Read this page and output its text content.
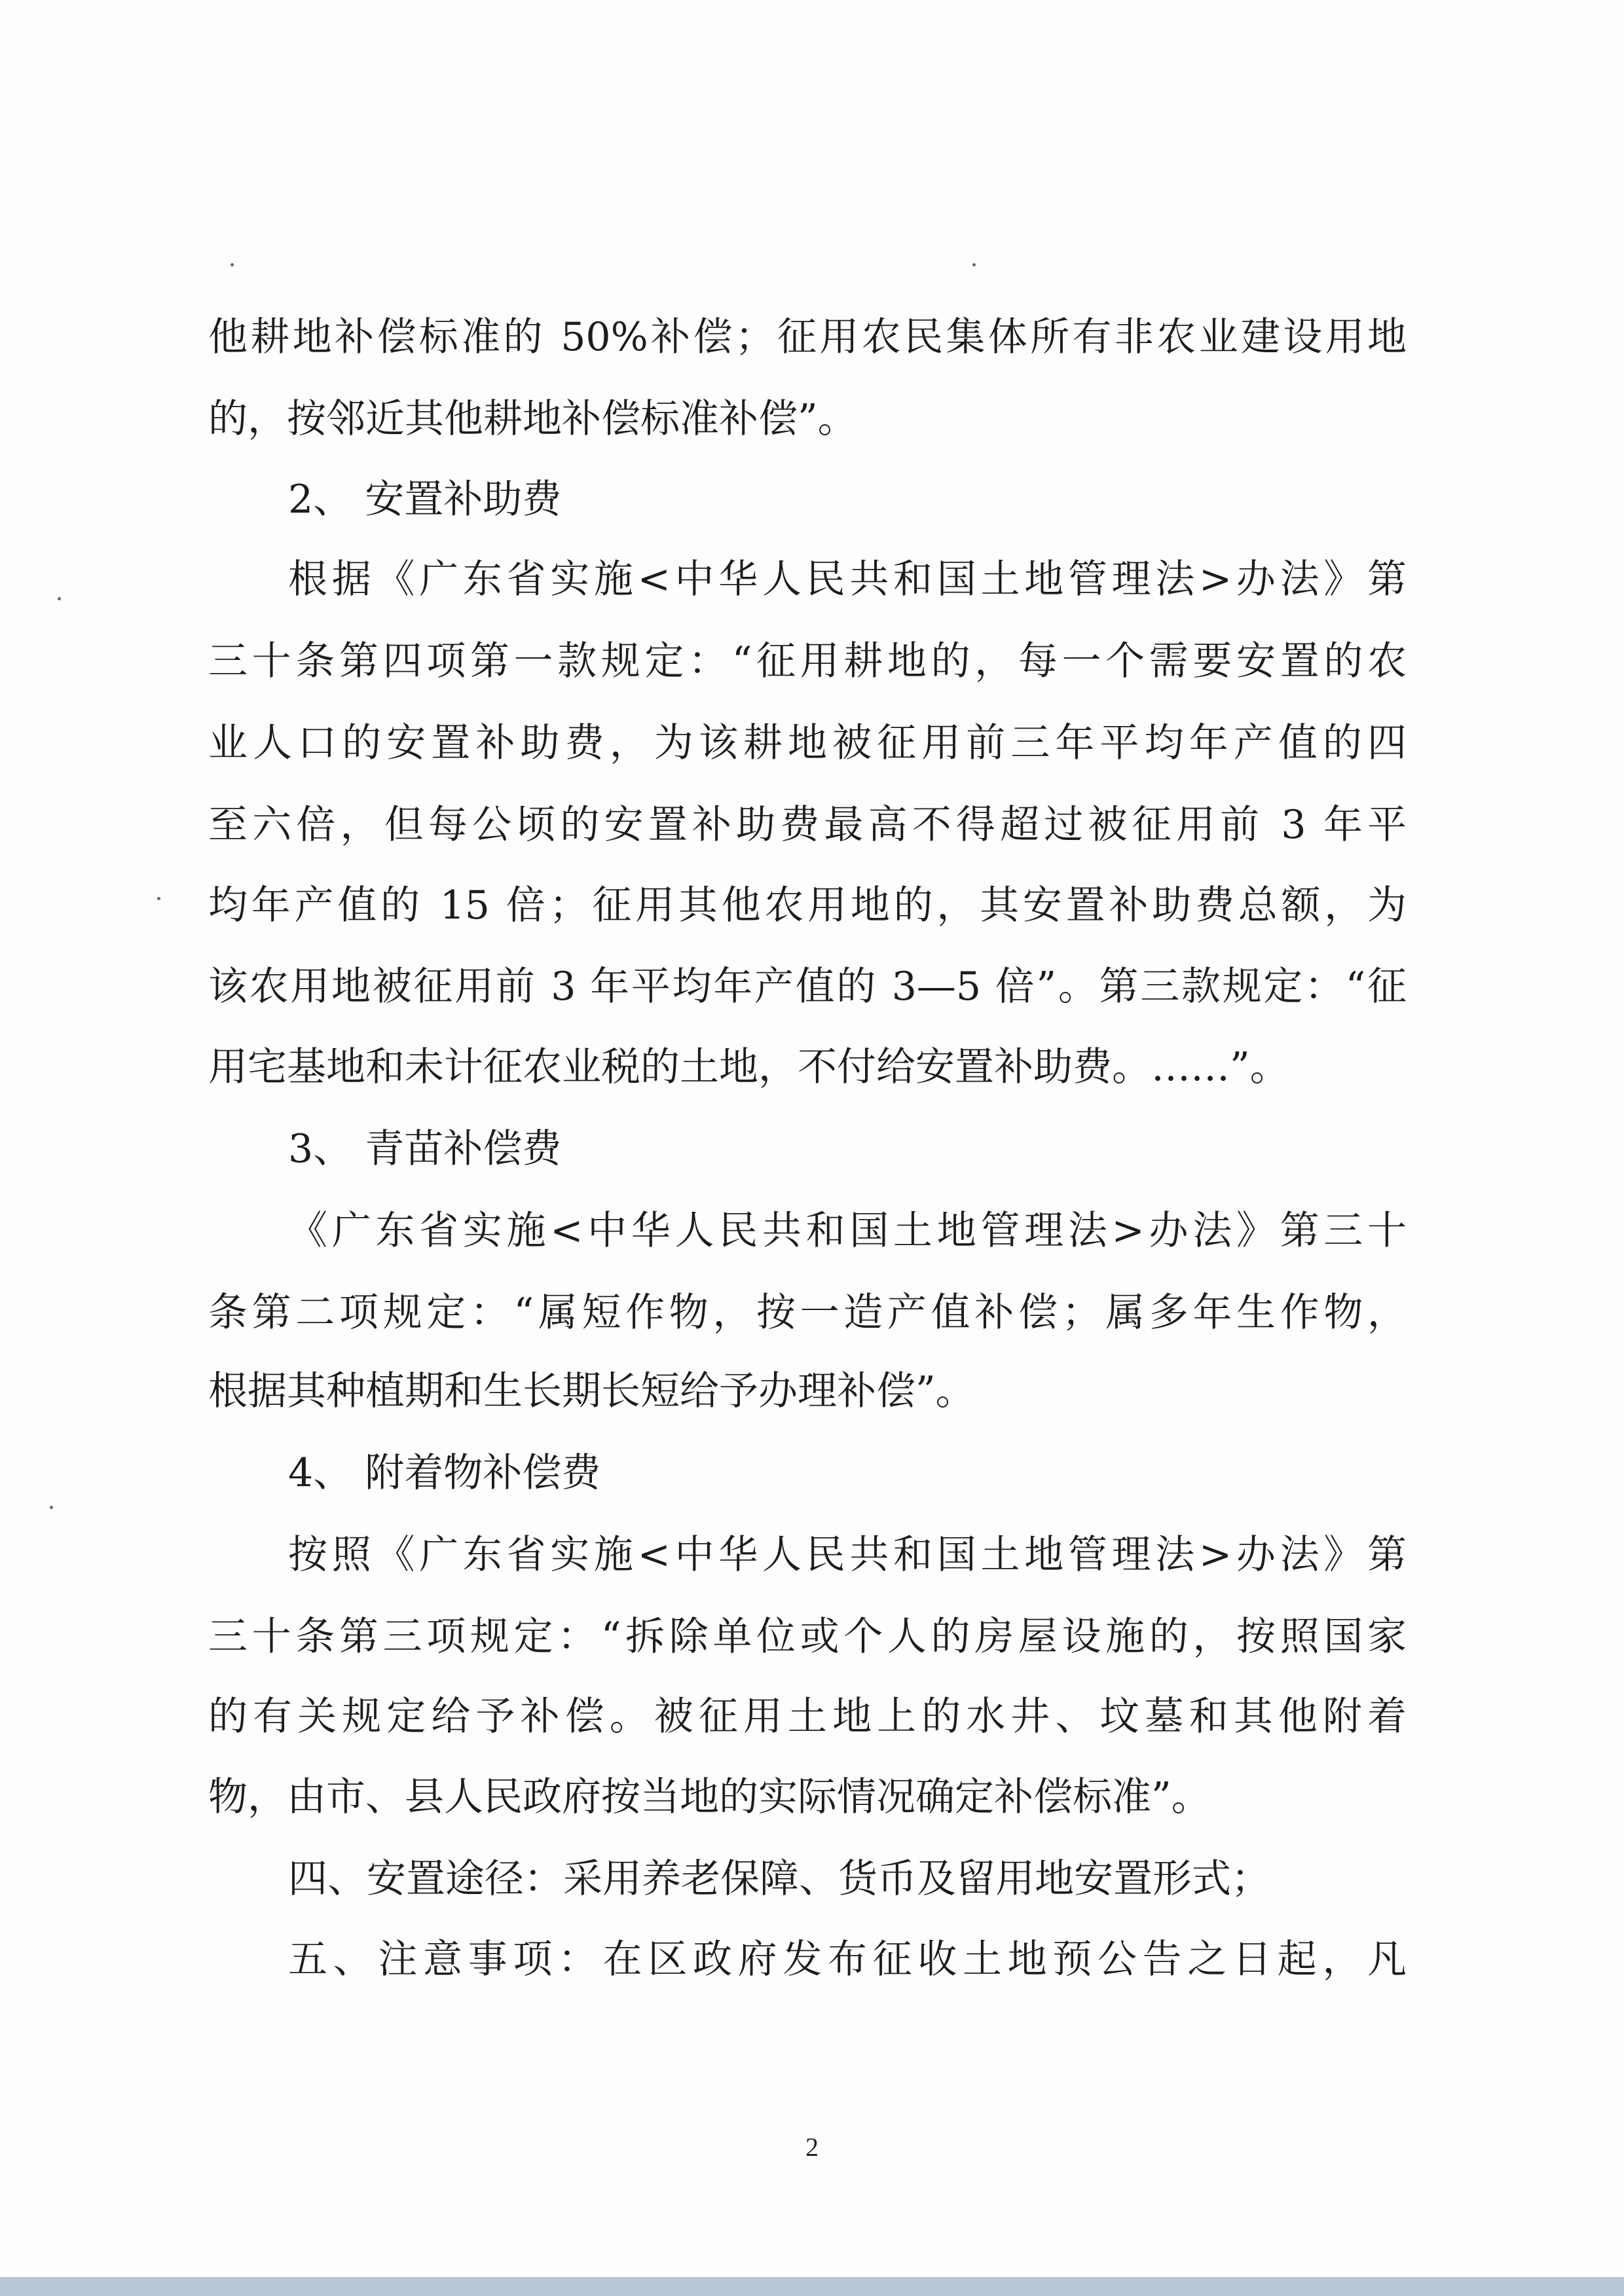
他耕地补偿标准的 50%补偿；征用农民集体所有非农业建设用地
的，按邻近其他耕地补偿标准补偿”。
2、 安置补助费
根据《广东省实施<中华人民共和国土地管理法>办法》第
三十条第四项第一款规定：“征用耕地的，每一个需要安置的农
业人口的安置补助费，为该耕地被征用前三年平均年产值的四
至六倍，但每公顷的安置补助费最高不得超过被征用前 3 年平
均年产值的 15 倍；征用其他农用地的，其安置补助费总额，为
该农用地被征用前 3 年平均年产值的 3—5 倍”。第三款规定：“征
用宅基地和未计征农业税的土地，不付给安置补助费。……”。
3、 青苗补偿费
《广东省实施<中华人民共和国土地管理法>办法》第三十
条第二项规定：“属短作物，按一造产值补偿；属多年生作物，
根据其种植期和生长期长短给予办理补偿”。
4、 附着物补偿费
按照《广东省实施<中华人民共和国土地管理法>办法》第
三十条第三项规定：“拆除单位或个人的房屋设施的，按照国家
的有关规定给予补偿。被征用土地上的水井、坟墓和其他附着
物，由市、县人民政府按当地的实际情况确定补偿标准”。
四、安置途径：采用养老保障、货币及留用地安置形式；
五、注意事项：在区政府发布征收土地预公告之日起，凡
2
